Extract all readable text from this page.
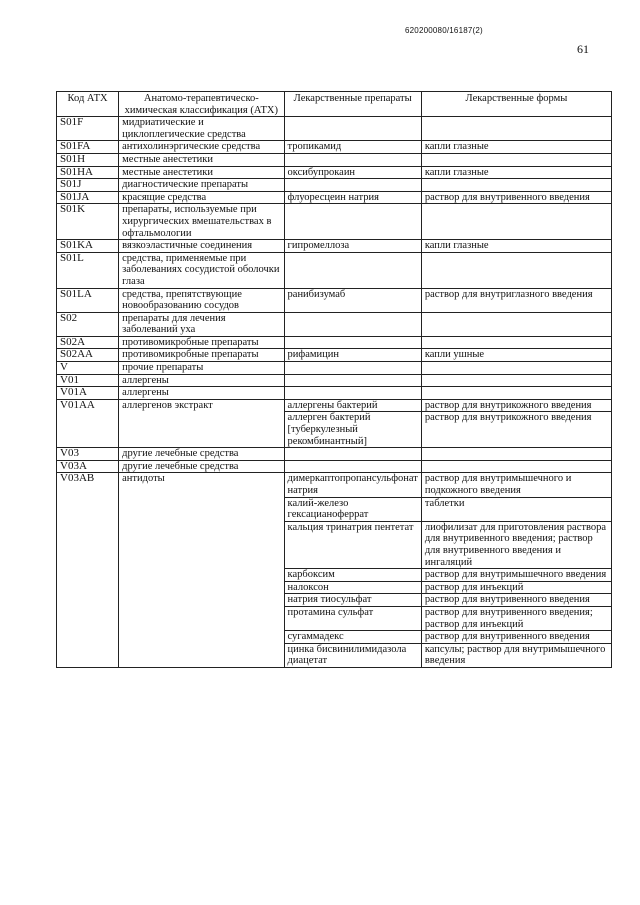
620200080/16187(2)
61
Код АТХ	Анатомо-терапевтическо-химическая классификация (АТХ)	Лекарственные препараты	Лекарственные формы
S01F	мидриатические и циклоплегические средства		
S01FA	антихолинэргические средства	тропикамид	капли глазные
S01H	местные анестетики		
S01HA	местные анестетики	оксибупрокаин	капли глазные
S01J	диагностические препараты		
S01JA	красящие средства	флуоресцеин натрия	раствор для внутривенного введения
S01K	препараты, используемые при хирургических вмешательствах в офтальмологии		
S01KA	вязкоэластичные соединения	гипромеллоза	капли глазные
S01L	средства, применяемые при заболеваниях сосудистой оболочки глаза		
S01LA	средства, препятствующие новообразованию сосудов	ранибизумаб	раствор для внутриглазного введения
S02	препараты для лечения заболеваний уха		
S02A	противомикробные препараты		
S02AA	противомикробные препараты	рифамицин	капли ушные
V	прочие препараты		
V01	аллергены		
V01A	аллергены		
V01AA	аллергенов экстракт	аллергены бактерий	раствор для внутрикожного введения
		аллерген бактерий [туберкулезный рекомбинантный]	раствор для внутрикожного введения
V03	другие лечебные средства		
V03A	другие лечебные средства		
V03AB	антидоты	димеркаптопропансульфонат натрия	раствор для внутримышечного и подкожного введения
		калий-железо гексацианоферрат	таблетки
		кальция тринатрия пентетат	лиофилизат для приготовления раствора для внутривенного введения; раствор для внутривенного введения и ингаляций
		карбоксим	раствор для внутримышечного введения
		налоксон	раствор для инъекций
		натрия тиосульфат	раствор для внутривенного введения
		протамина сульфат	раствор для внутривенного введения; раствор для инъекций
		сугаммадекс	раствор для внутривенного введения
		цинка бисвинилимидазола диацетат	капсулы; раствор для внутримышечного введения
